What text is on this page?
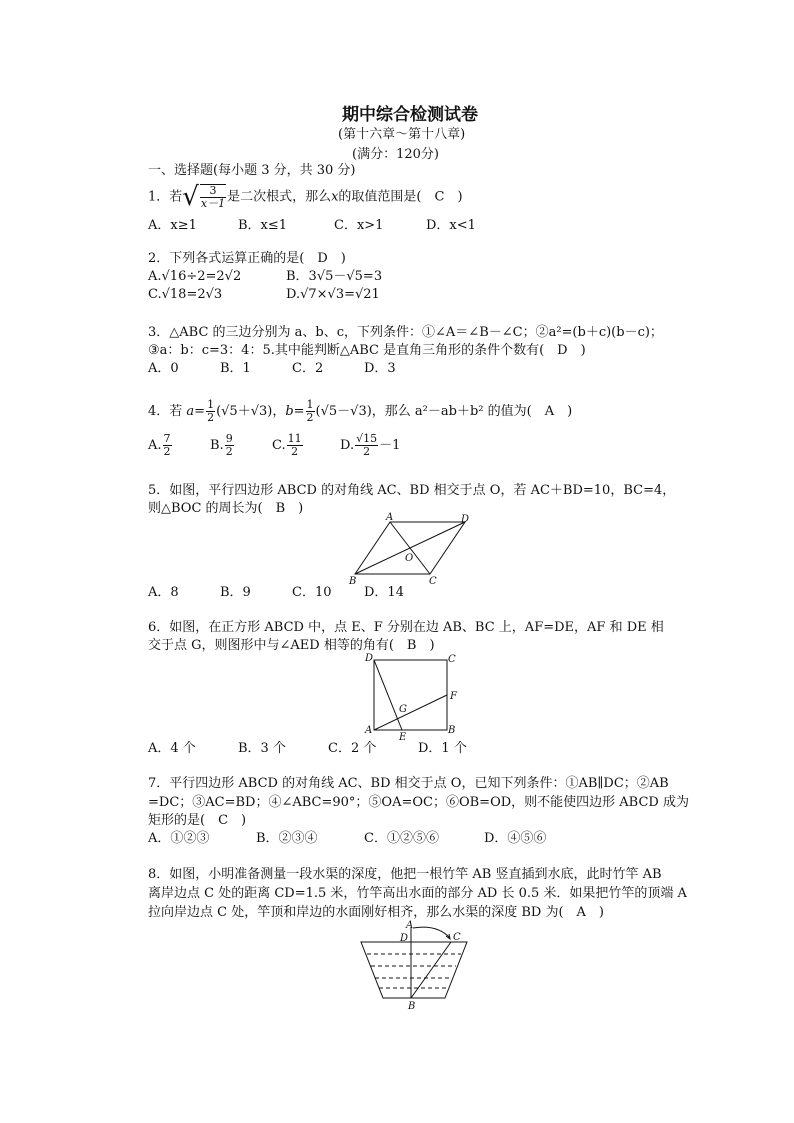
期中综合检测试卷
(第十六章～第十八章)
(满分：120分)
一、选择题(每小题 3 分，共 30 分)
1．若√ $\frac{3}{x-1}$ 是二次根式，那么x的取值范围是(　C　)
A．x≥1	B．x≤1	C．x>1	D．x<1
2．下列各式运算正确的是(　D　)
A.√16÷2=2√2	B．3√5－√5=3
C.√18=2√3	D.√7×√3=√21
3．△ABC 的三边分别为 a、b、c，下列条件：①∠A＝∠B－∠C；②a²=(b＋c)(b－c)；
③a：b：c=3：4：5.其中能判断△ABC 是直角三角形的条件个数有(　D　)
A．0	B．1	C．2	D．3
4．若 $a= \frac{1}{2} (√5+√3)$，$b= \frac{1}{2} (√5-√3)$，那么 a²－ab＋b² 的值为(　A　)
A. $\frac{7}{2}$	B. $\frac{9}{2}$	C. $\frac{11}{2}$	D. $\frac{√15}{2} -1$
5．如图，平行四边形 ABCD 的对角线 AC、BD 相交于点 O，若 AC＋BD=10，BC=4，
则△BOC 的周长为(　B　)
A	D
O
B	C
A．8	B．9	C．10	D．14
6．如图，在正方形 ABCD 中，点 E、F 分别在边 AB、BC 上，AF=DE，AF 和 DE 相
交于点 G，则图形中与∠AED 相等的角有(　B　)
D	C
F
G
A
E
B
A．4 个	B．3 个	C．2 个	D．1 个
7．平行四边形 ABCD 的对角线 AC、BD 相交于点 O，已知下列条件：①AB∥DC；②AB
=DC；③AC=BD；④∠ABC=90°；⑤OA=OC；⑥OB=OD，则不能使四边形 ABCD 成为
矩形的是(　C　)
A．①②③	B．②③④	C．①②⑤⑥	D．④⑤⑥
8．如图，小明准备测量一段水渠的深度，他把一根竹竿 AB 竖直插到水底，此时竹竿 AB
离岸边点 C 处的距离 CD=1.5 米，竹竿高出水面的部分 AD 长 0.5 米．如果把竹竿的顶端 A
拉向岸边点 C 处，竿顶和岸边的水面刚好相齐，那么水渠的深度 BD 为(　A　)
A
D	C
B
